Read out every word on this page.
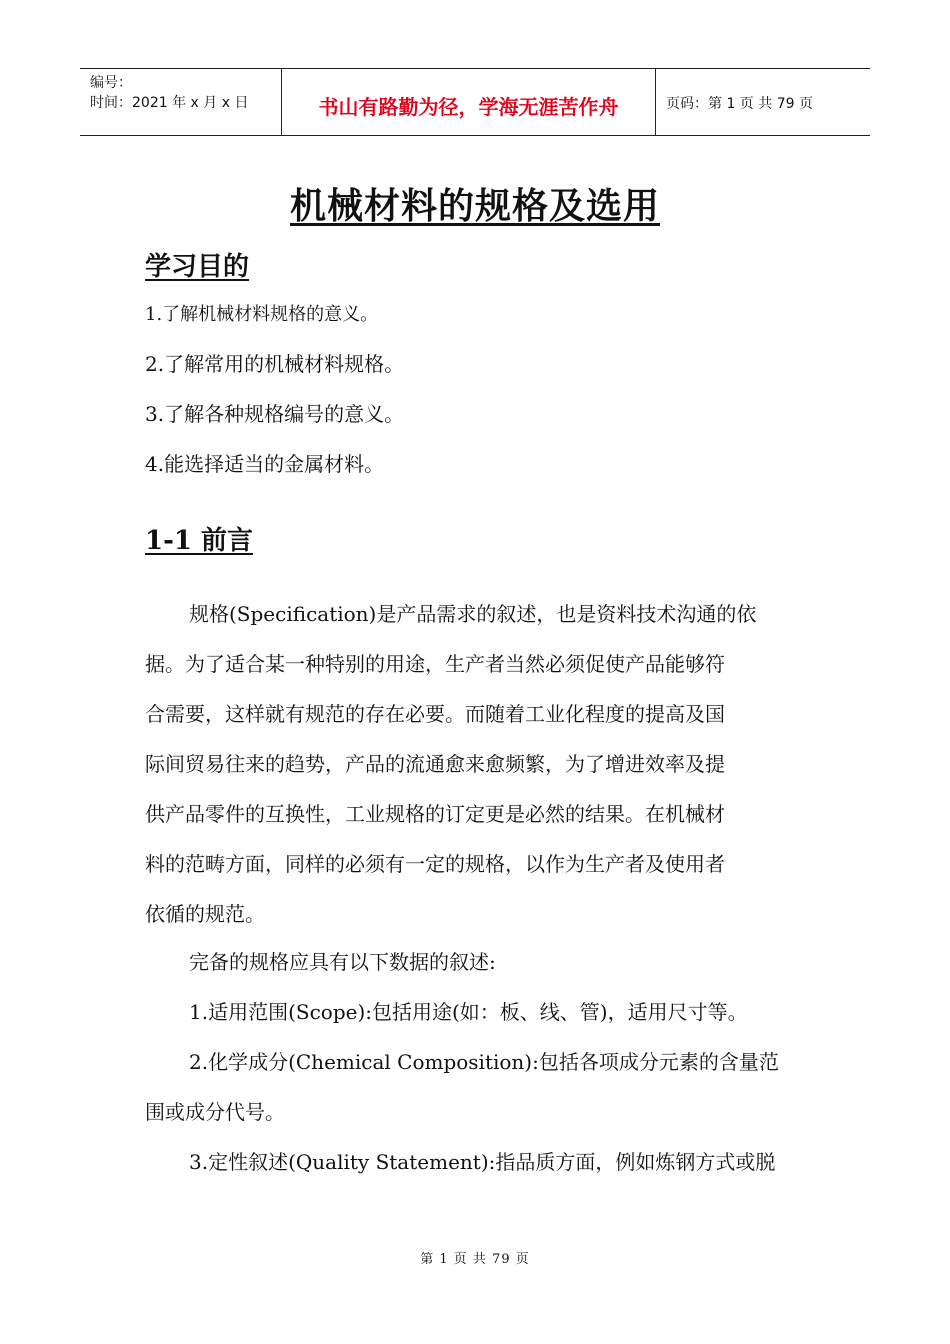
编号：
时间：2021 年 x 月 x 日	书山有路勤为径，学海无涯苦作舟	页码：第 1 页 共 79 页
机械材料的规格及选用
学习目的
1.了解机械材料规格的意义。
2.了解常用的机械材料规格。
3.了解各种规格编号的意义。
4.能选择适当的金属材料。
1-1 前言
规格(Specification)是产品需求的叙述，也是资料技术沟通的依
据。为了适合某一种特别的用途，生产者当然必须促使产品能够符
合需要，这样就有规范的存在必要。而随着工业化程度的提高及国
际间贸易往来的趋势，产品的流通愈来愈频繁，为了增进效率及提
供产品零件的互换性，工业规格的订定更是必然的结果。在机械材
料的范畴方面，同样的必须有一定的规格，以作为生产者及使用者
依循的规范。
完备的规格应具有以下数据的叙述:
1.适用范围(Scope):包括用途(如：板、线、管)，适用尺寸等。
2.化学成分(Chemical Composition):包括各项成分元素的含量范
围或成分代号。
3.定性叙述(Quality Statement):指品质方面，例如炼钢方式或脱
第 1 页 共 79 页
